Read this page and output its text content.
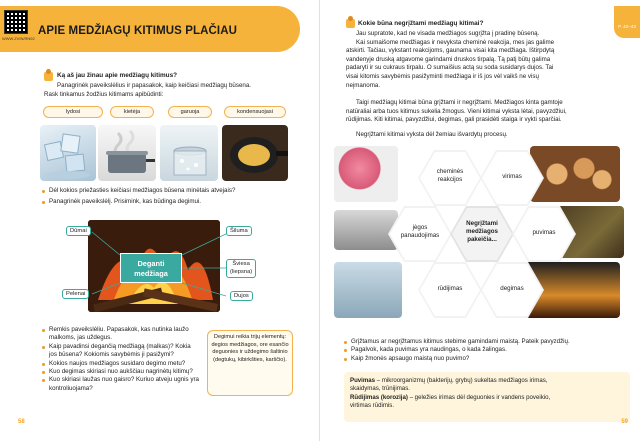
WWW.ZVIN/RN92
APIE MEDŽIAGŲ KITIMUS PLAČIAU
Ką aš jau žinau apie medžiagų kitimus?
Panagrinėk paveikslėlius ir papasakok, kaip keičiasi medžiagų būsena.
Rask tinkamus žodžius kitimams apibūdinti:
lydosi	kietėja	garuoja	kondensuojasi
Dėl kokios priežasties keičiasi medžiagos būsena minėtais atvejais?
Panagrinėk paveikslėlį. Prisimink, kas būdinga degimui.
Deganti
medžiaga
Dūmai	Šiluma
Šviesa
(liepsna)
Pelenai	Dujos
Remkis paveikslėliu. Papasakok, kas nutinka laužo malkoms, jas uždegus.
Kaip pavadinsi degančią medžiagą (malkas)? Kokia jos būsena? Kokiomis savybėmis ji pasižymi?
Kokios naujos medžiagos susidaro degimo metu?
Kuo degimas skiriasi nuo aukščiau nagrinėtų kitimų?
Kuo skiriasi laužas nuo gaisro? Kuriuo atveju ugnis yra kontroliuojama?
Degimui reikia trijų elementų: degios medžiagos, ore esančio deguonies ir uždegimo šaltinio (degtukų, kibirkšties, karščio).
58
P. 42–43
Kokie būna negrįžtami medžiagų kitimai?
Jau supratote, kad ne visada medžiagos sugrįžta į pradinę būseną.
Kai sumaišome medžiagas ir nevyksta cheminė reakcija, mes jas galime
atskirti. Tačiau, vykstant reakcijoms, gaunama visai kita medžiaga. Ištirpdytą
vandenyje druską atgavome garindami druskos tirpalą. Tą patį būtų galima
padaryti ir su cukraus tirpalu. O sumaišius actą su soda susidarys dujos. Tai
visai kitomis savybėmis pasižyminti medžiaga ir iš jos vėl vaikš ne visų
neįmanoma.
Taigi medžiagų kitimai būna grįžtami ir negrįžtami. Medžiagos kinta gamtoje
natūraliai arba tuos kitimus sukelia žmogus. Vieni kitimai vyksta lėtai, pavyzdžiui,
rūdijimas. Kiti kitimai, pavyzdžiui, degimas, gali prasidėti staiga ir vykti sparčiai.
Negrįžtami kitimai vyksta dėl žemiau išvardytų procesų.
cheminės
reakcijos	virimas
jėgos
panaudojimas
Negrįžtami
medžiagos
pakeičia...
puvimas
rūdijimas	degimas
Grįžtamus ar negrįžtamus kitimus stebime gamindami maistą. Pateik pavyzdžių.
Pagalvok, kada puvimas yra naudingas, o kada žalingas.
Kaip žmonės apsaugo maistą nuo puvimo?
Puvimas – mikroorganizmų (bakterijų, grybų) sukeltas medžiagos irimas,
skaidymas, trūnijimas.
Rūdijimas (korozija) – geležies irimas dėl deguonies ir vandens poveikio,
virtimas rūdimis.
59
